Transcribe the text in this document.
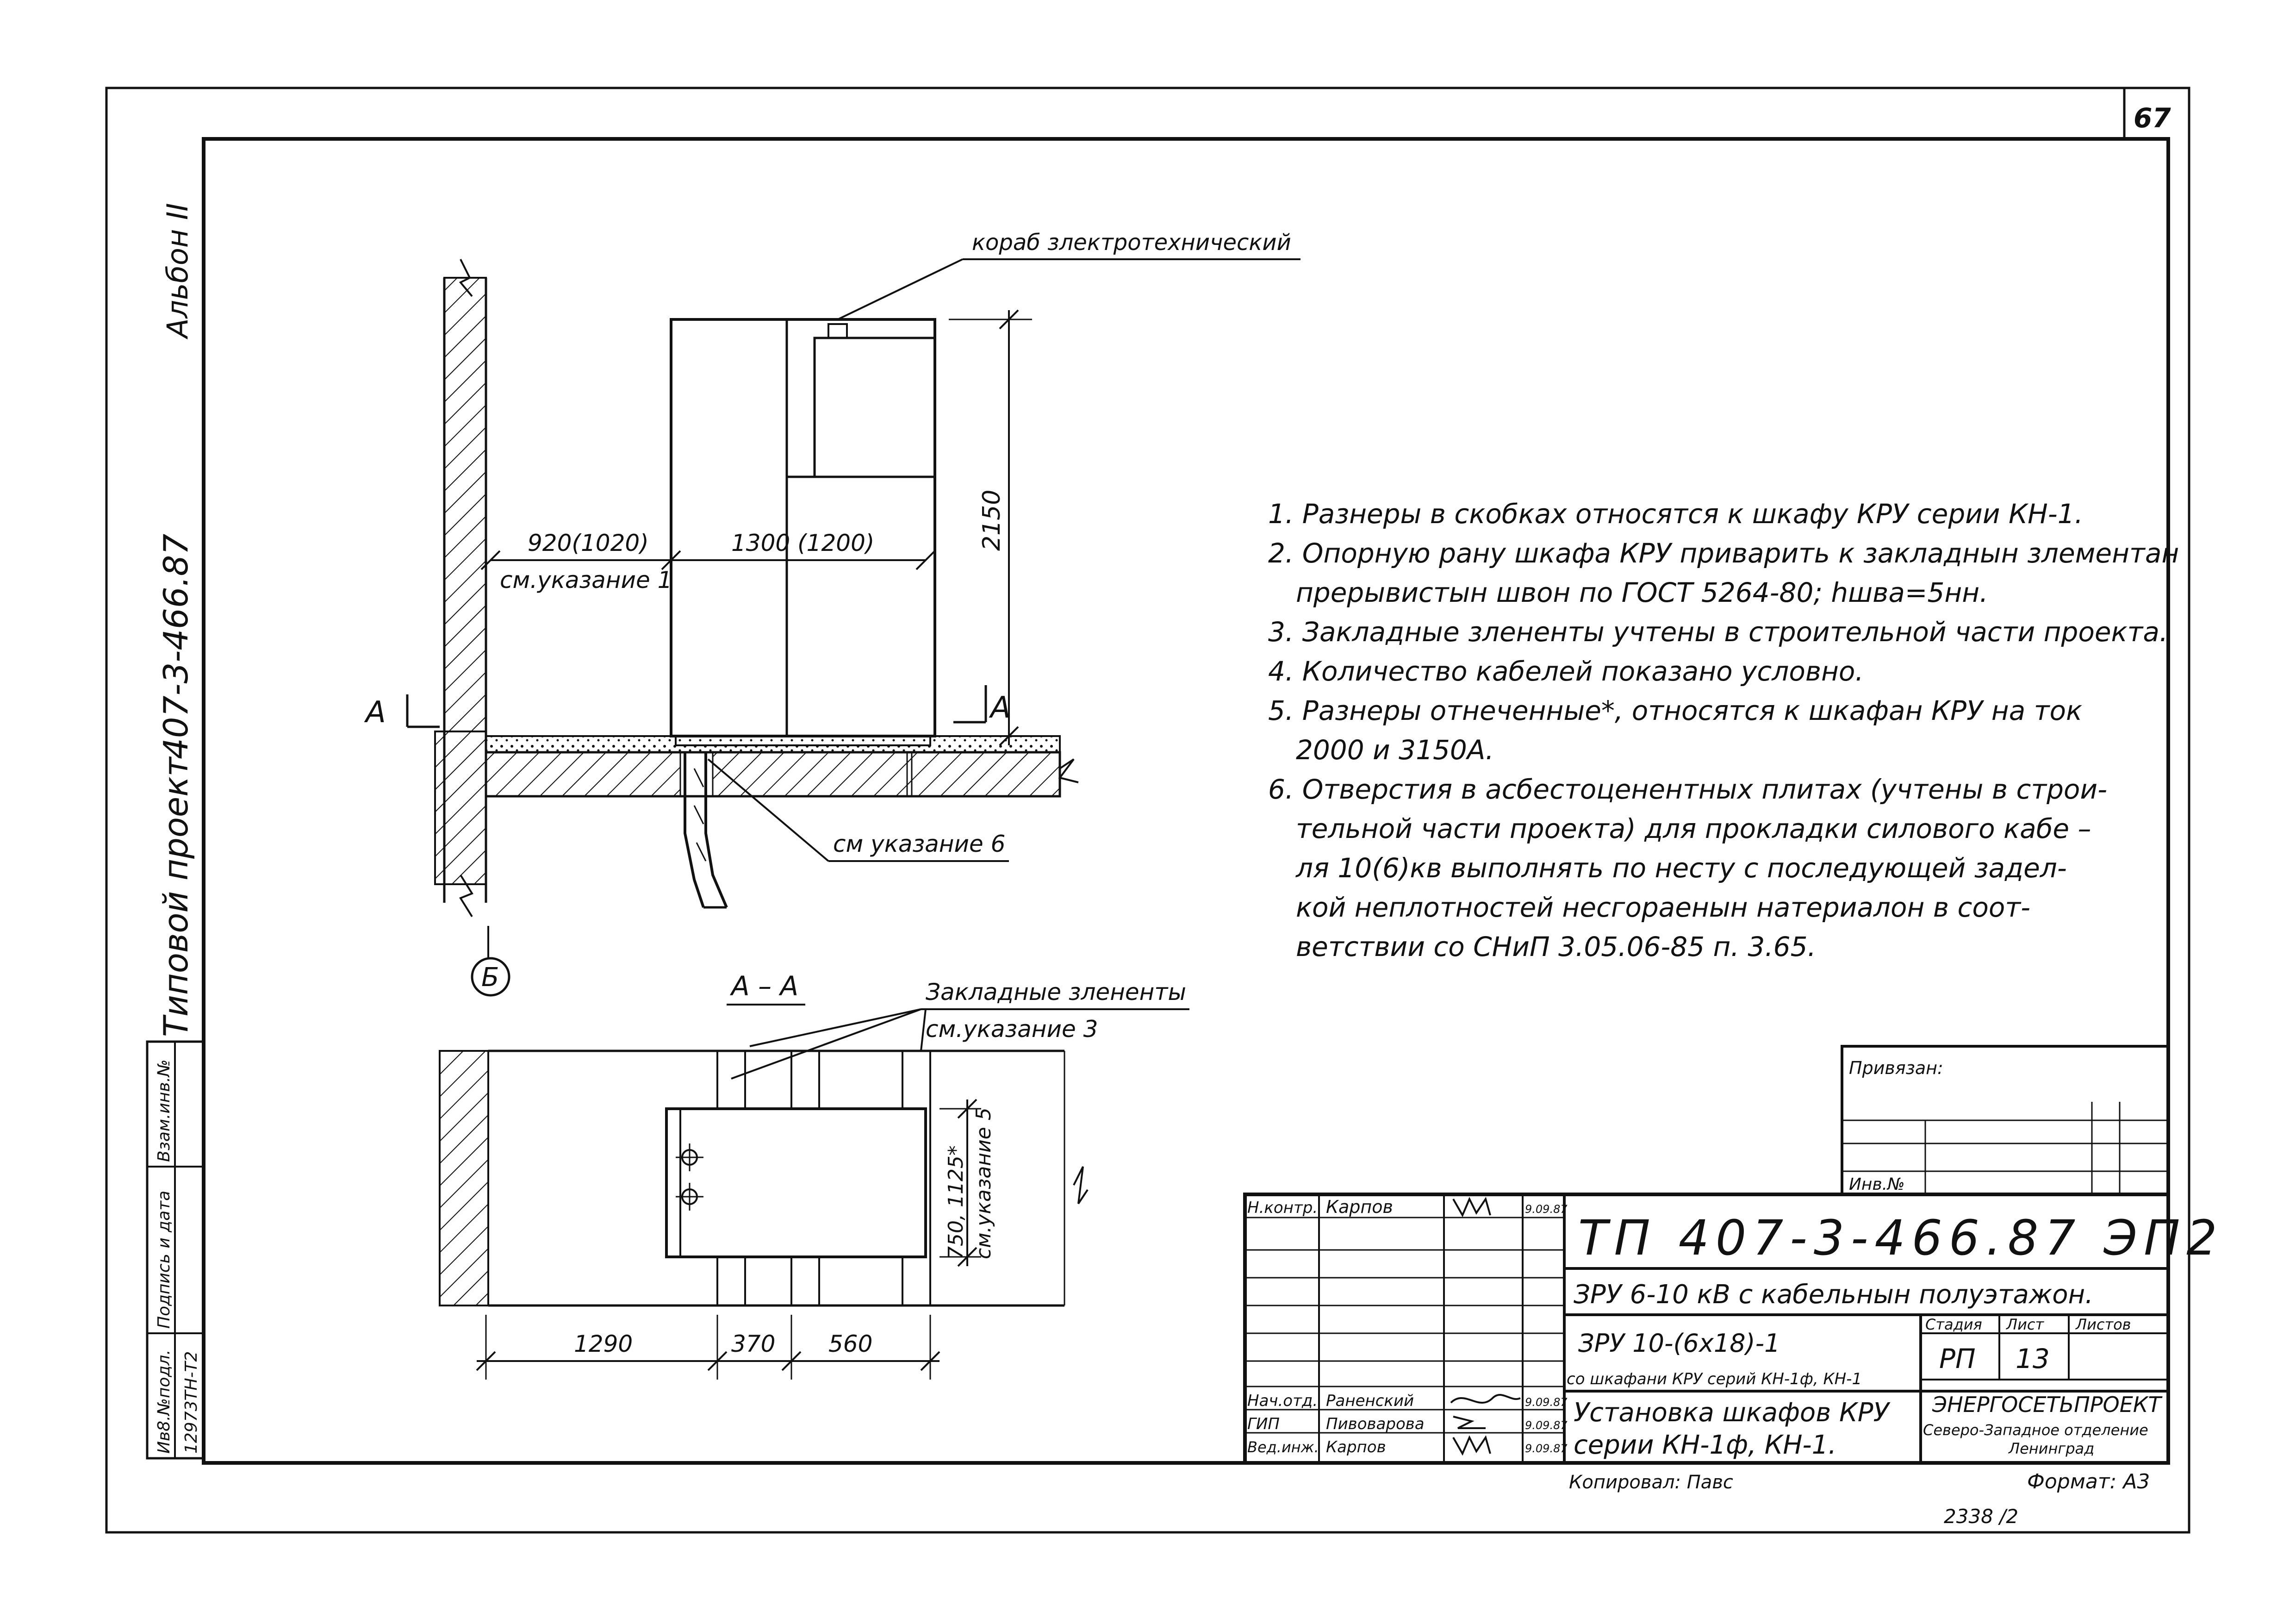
67
Альбон II
407-3-466.87
Типовой проект
Ив8.№подл.
Подпись и дата
Взам.инв.№
12973ТН-Т2
Б
кораб злектротехнический
2150
920(1020)
см.указание 1
1300 (1200)
А	А
см указание 6
А – А	Закладные злененты
см.указание 3
750, 1125* см.указание 5
1290	370 560
1. Разнеры в скобках относятся к шкафу КРУ серии КН-1.
2. Опорную рану шкафа КРУ приварить к закладнын злементан
прерывистын швон по ГОСТ 5264-80; hшва=5нн.
3. Закладные злененты учтены в строительной части проекта.
4. Количество кабелей показано условно.
5. Разнеры отнеченные*, относятся к шкафан КРУ на ток
2000 и 3150А.
6. Отверстия в асбестоценентных плитах (учтены в строи-
тельной части проекта) для прокладки силового кабе –
ля 10(6)кв выполнять по несту с последующей задел-
кой неплотностей несгораенын натериалон в соот-
ветствии со СНиП 3.05.06-85 п. 3.65.
Привязан:
Инв.№
Н.контр. Карпов	9.09.87
Нач.отд. Раненский	9.09.87
ГИП	Пивоварова	9.09.87
Вед.инж. Карпов	9.09.87
ТП 407-3-466.87 ЭП2
ЗРУ 6-10 кВ с кабельнын полуэтажон.
ЗРУ 10-(6x18)-1
со шкафани КРУ серий КН-1ф, КН-1
Установка шкафов КРУ
серии КН-1ф, КН-1.
Стадия Лист Листов
РП 13
ЭНЕРГОСЕТЬПРОЕКТ
Северо-Западное отделение
Ленинград
Копировал: Павс	Формат: А3
2338 /2
